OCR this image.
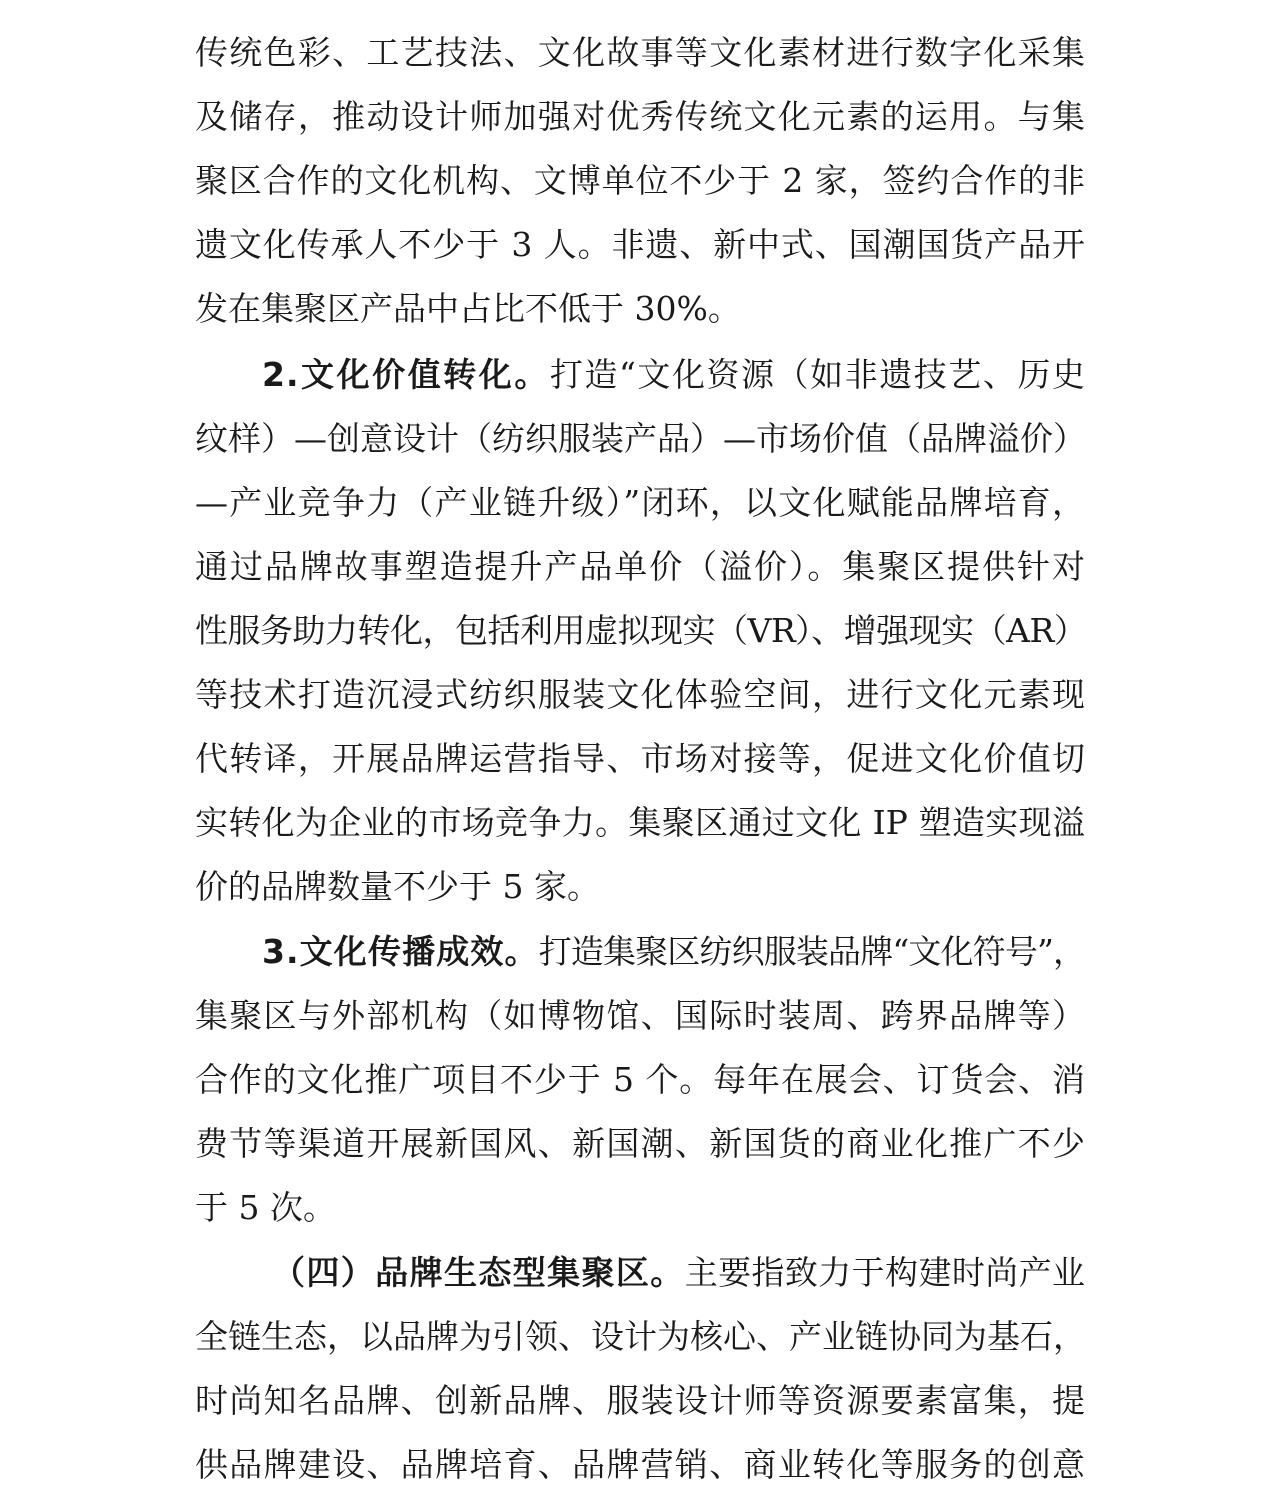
传统色彩、工艺技法、文化故事等文化素材进行数字化采集
及储存，推动设计师加强对优秀传统文化元素的运用。与集
聚区合作的文化机构、文博单位不少于 2 家，签约合作的非
遗文化传承人不少于 3 人。非遗、新中式、国潮国货产品开
发在集聚区产品中占比不低于 30%。
2.文化价值转化。打造“文化资源（如非遗技艺、历史
纹样）—创意设计（纺织服装产品）—市场价值（品牌溢价）
—产业竞争力（产业链升级）”闭环，以文化赋能品牌培育，
通过品牌故事塑造提升产品单价（溢价）。集聚区提供针对
性服务助力转化，包括利用虚拟现实（VR）、增强现实（AR）
等技术打造沉浸式纺织服装文化体验空间，进行文化元素现
代转译，开展品牌运营指导、市场对接等，促进文化价值切
实转化为企业的市场竞争力。集聚区通过文化 IP 塑造实现溢
价的品牌数量不少于 5 家。
3.文化传播成效。打造集聚区纺织服装品牌“文化符号”，
集聚区与外部机构（如博物馆、国际时装周、跨界品牌等）
合作的文化推广项目不少于 5 个。每年在展会、订货会、消
费节等渠道开展新国风、新国潮、新国货的商业化推广不少
于 5 次。
（四）品牌生态型集聚区。主要指致力于构建时尚产业
全链生态，以品牌为引领、设计为核心、产业链协同为基石，
时尚知名品牌、创新品牌、服装设计师等资源要素富集，提
供品牌建设、品牌培育、品牌营销、商业转化等服务的创意
